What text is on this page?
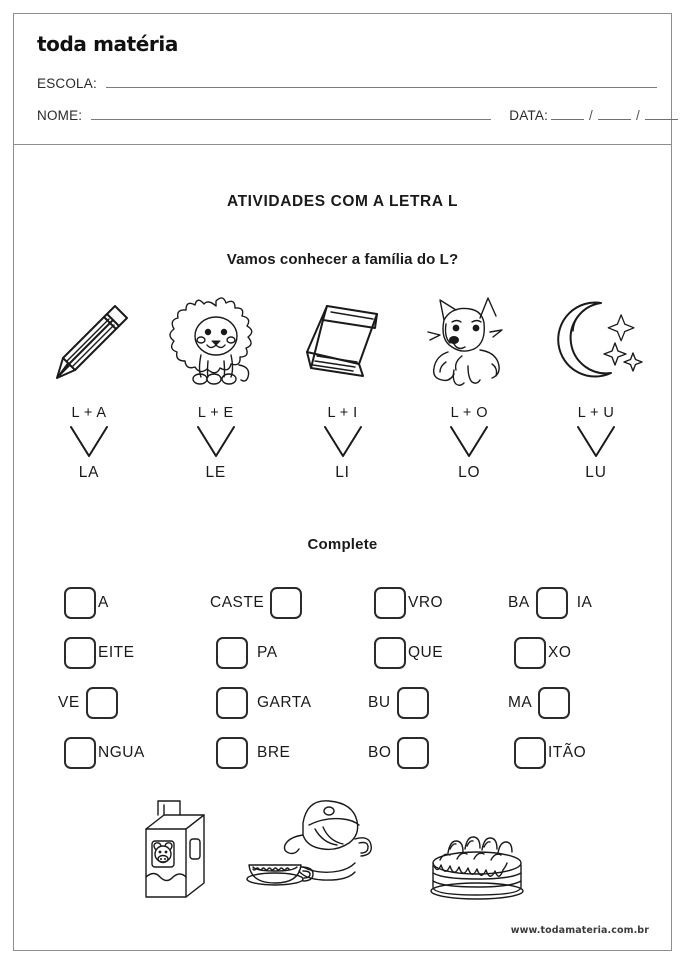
toda matéria
ESCOLA:
NOME:	DATA:	/	/
ATIVIDADES COM A LETRA L
Vamos conhecer a família do L?
L + A
LA
L + E
LE
L + I
LI
L + O
LO
L + U
LU
Complete
A	CASTE	VRO	BA	IA
EITE	PA	QUE	XO
VE	GARTA	BU	MA
NGUA	BRE	BO	ITÃO
www.todamateria.com.br
